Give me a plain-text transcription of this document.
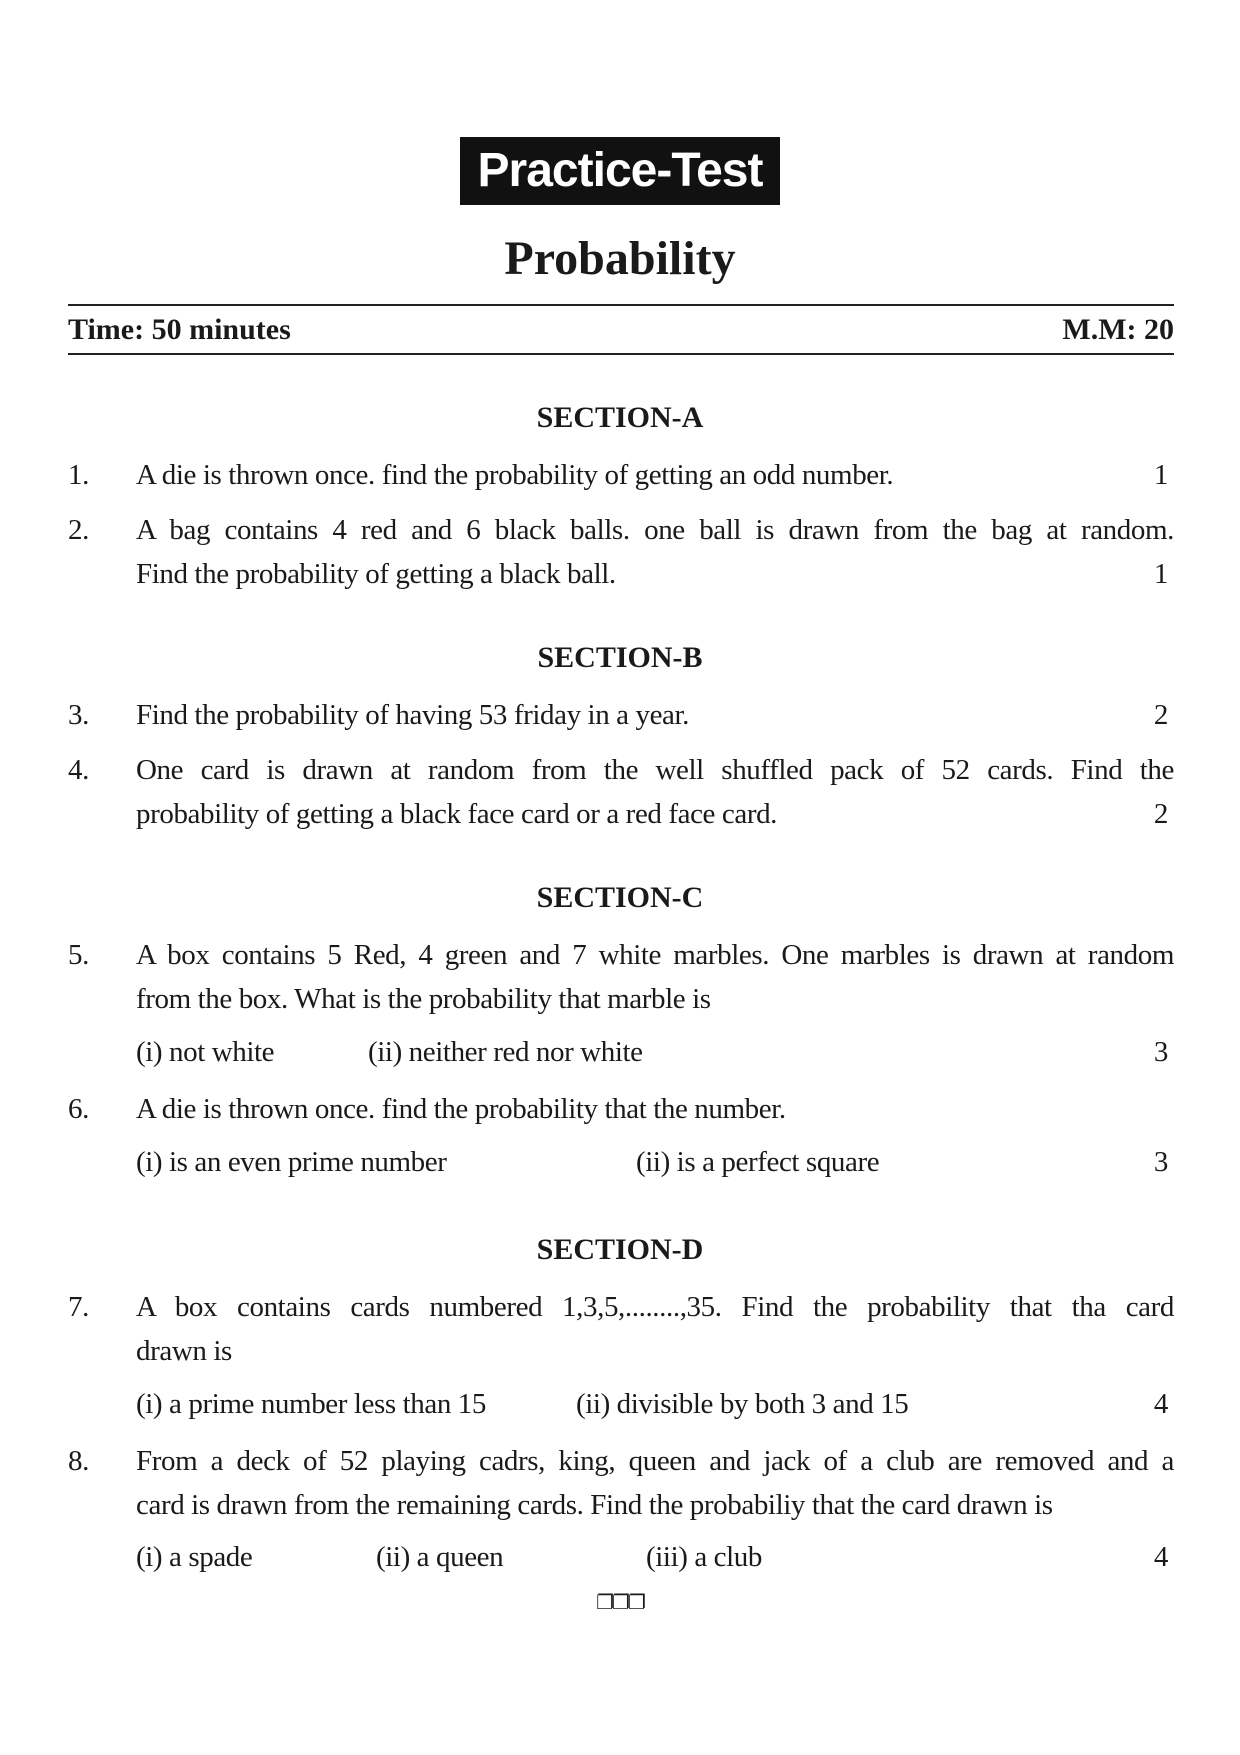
Practice-Test
Probability
Time: 50 minutes	M.M: 20
SECTION-A
1. A die is thrown once. find the probability of getting an odd number.	1
2. A bag contains 4 red and 6 black balls. one ball is drawn from the bag at random.
Find the probability of getting a black ball.	1
SECTION-B
3. Find the probability of having 53 friday in a year.	2
4. One card is drawn at random from the well shuffled pack of 52 cards. Find the
probability of getting a black face card or a red face card.	2
SECTION-C
5. A box contains 5 Red, 4 green and 7 white marbles. One marbles is drawn at random
from the box. What is the probability that marble is
(i) not white	(ii) neither red nor white	3
6. A die is thrown once. find the probability that the number.
(i) is an even prime number	(ii) is a perfect square	3
SECTION-D
7. A box contains cards numbered 1,3,5,........,35. Find the probability that tha card
drawn is
(i) a prime number less than 15	(ii) divisible by both 3 and 15	4
8. From a deck of 52 playing cadrs, king, queen and jack of a club are removed and a
card is drawn from the remaining cards. Find the probabiliy that the card drawn is
(i) a spade	(ii) a queen	(iii) a club	4
❐❐❐
